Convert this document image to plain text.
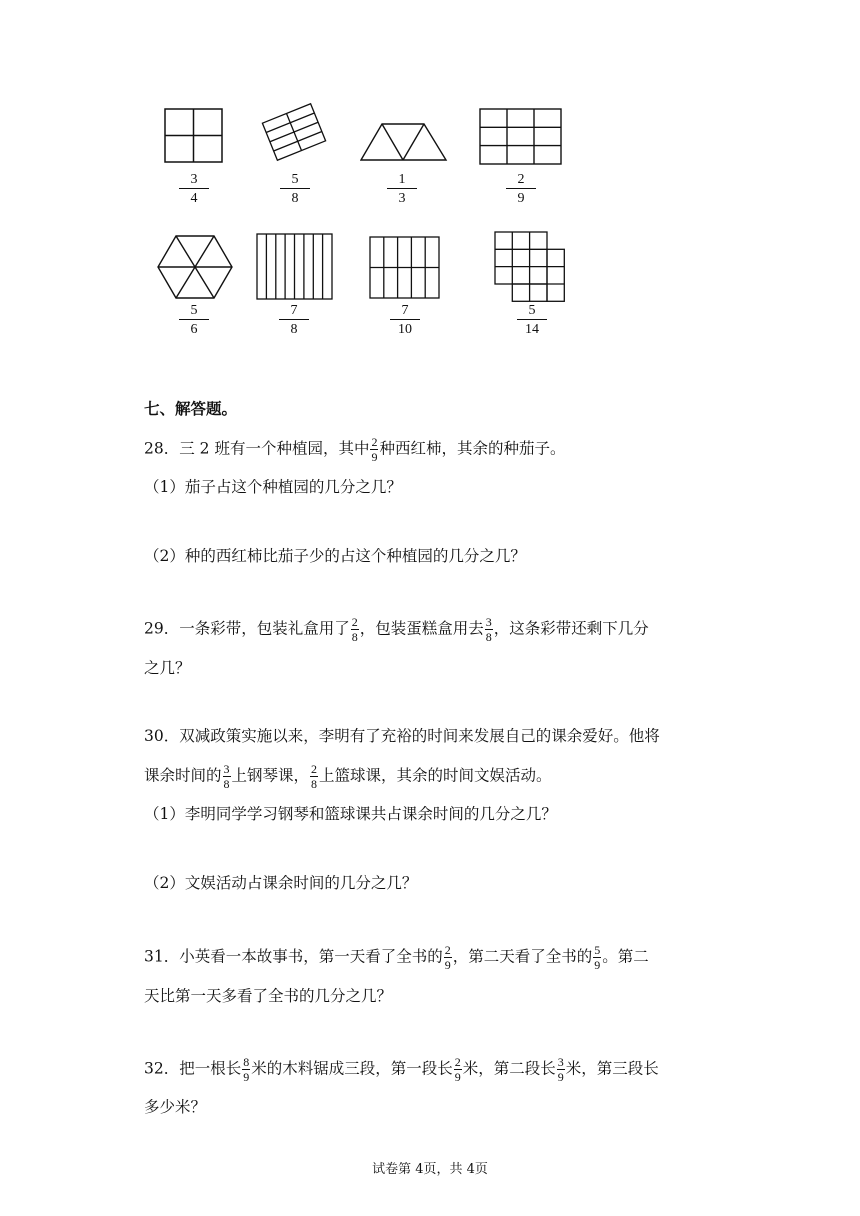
$\frac{3}{4}$	$\frac{5}{8}$	$\frac{1}{3}$	$\frac{2}{9}$
$\frac{5}{6}$	$\frac{7}{8}$	$\frac{7}{10}$	$\frac{5}{14}$
七、解答题。
28．三 2 班有一个种植园，其中 $\frac{2}{9}$ 种西红柿，其余的种茄子。
（1）茄子占这个种植园的几分之几？
（2）种的西红柿比茄子少的占这个种植园的几分之几？
29．一条彩带，包装礼盒用了 $\frac{2}{8}$ ，包装蛋糕盒用去 $\frac{3}{8}$ ，这条彩带还剩下几分
之几？
30．双减政策实施以来，李明有了充裕的时间来发展自己的课余爱好。他将
课余时间的 $\frac{3}{8}$ 上钢琴课， $\frac{2}{8}$ 上篮球课，其余的时间文娱活动。
（1）李明同学学习钢琴和篮球课共占课余时间的几分之几？
（2）文娱活动占课余时间的几分之几？
31．小英看一本故事书，第一天看了全书的 $\frac{2}{9}$ ，第二天看了全书的 $\frac{5}{9}$ 。第二
天比第一天多看了全书的几分之几？
32．把一根长 $\frac{8}{9}$ 米的木料锯成三段，第一段长 $\frac{2}{9}$ 米，第二段长 $\frac{3}{9}$ 米，第三段长
多少米？
试卷第 4页，共 4页
